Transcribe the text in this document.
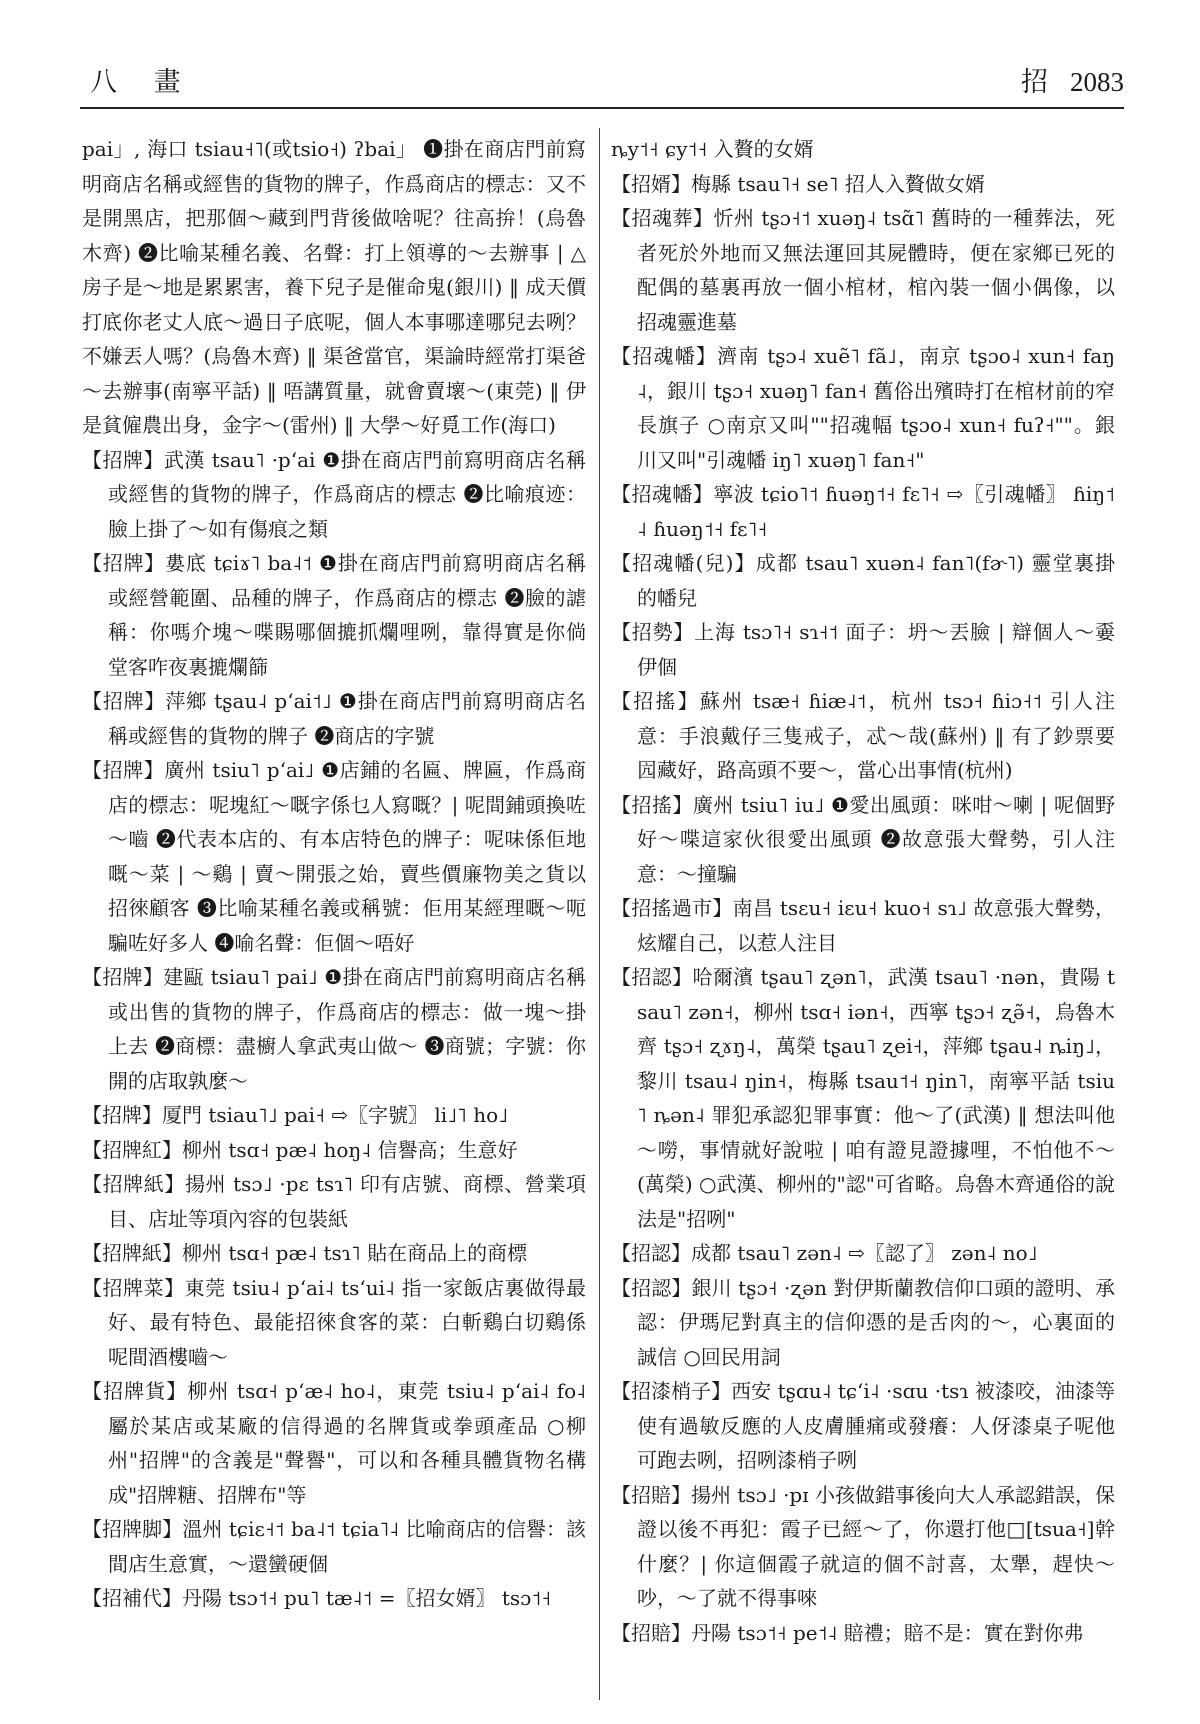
八 畫	招 2083

pai」, 海口 tsiau˧˥(或tsio˧) ʔbai」 ❶掛在商店門前寫明商店名稱或經售的貨物的牌子，作爲商店的標志：又不是開黑店，把那個～藏到門背後做啥呢？往高拚！(烏魯木齊) ❷比喻某種名義、名聲：打上領導的～去辦事 | △房子是～地是累累害，養下兒子是催命鬼(銀川) ‖ 成天價打底你老丈人底～過日子底呢，個人本事哪達哪兒去咧？不嫌丟人嗎？(烏魯木齊) ‖ 渠爸當官，渠論時經常打渠爸～去辦事(南寧平話) ‖ 唔講質量，就會賣壞～(東莞) ‖ 伊是貧僱農出身，金字～(雷州) ‖ 大學～好覓工作(海口)

【招牌】武漢 tsau˥ ·pʻai ❶掛在商店門前寫明商店名稱或經售的貨物的牌子，作爲商店的標志 ❷比喻痕迹：臉上掛了～如有傷痕之類

【招牌】婁底 tɕiɤ˥ ba˨˦ ❶掛在商店門前寫明商店名稱或經營範圍、品種的牌子，作爲商店的標志 ❷臉的謔稱：你嗎介塊～喋賜哪個摝抓爛哩咧，靠得實是你倘堂客咋夜裏摝爛篩

【招牌】萍鄉 tʂau˨ pʻai˦˩ ❶掛在商店門前寫明商店名稱或經售的貨物的牌子 ❷商店的字號

【招牌】廣州 tsiu˥ pʻai˩ ❶店鋪的名匾、牌匾，作爲商店的標志：呢塊紅～嘅字係乜人寫嘅？| 呢間鋪頭換咗～嚙 ❷代表本店的、有本店特色的牌子：呢味係佢地嘅～菜 | ～鷄 | 賣～開張之始，賣些價廉物美之貨以招徠顧客 ❸比喻某種名義或稱號：佢用某經理嘅～呃騙咗好多人 ❹喻名聲：佢個～唔好

【招牌】建甌 tsiau˥ pai˩ ❶掛在商店門前寫明商店名稱或出售的貨物的牌子，作爲商店的標志：做一塊～掛上去 ❷商標：盡櫥人拿武夷山做～ ❸商號；字號：你開的店取孰麼～

【招牌】厦門 tsiau˥˩ pai˧ ⇨〖字號〗 li˩˥ ho˩

【招牌紅】柳州 tsɑ˧ pæ˨ hoŋ˨ 信譽高；生意好

【招牌紙】揚州 tsɔ˩ ·pɛ tsɿ˥ 印有店號、商標、營業項目、店址等項內容的包裝紙

【招牌紙】柳州 tsɑ˧ pæ˨ tsɿ˥ 貼在商品上的商標

【招牌菜】東莞 tsiu˨ pʻai˨ tsʻui˨ 指一家飯店裏做得最好、最有特色、最能招徠食客的菜：白斬鷄白切鷄係呢間酒樓嚙～

【招牌貨】柳州 tsɑ˧ pʻæ˨ ho˨，東莞 tsiu˨ pʻai˨ fo˨ 屬於某店或某廠的信得過的名牌貨或拳頭產品 ○柳州"招牌"的含義是"聲譽"，可以和各種具體貨物名構成"招牌糖、招牌布"等

【招牌脚】溫州 tɕiɛ˧˦ ba˨˦ tɕia˥˨ 比喻商店的信譽：該間店生意實，～還蠻硬個

【招補代】丹陽 tsɔ˦˧ pu˥ tæ˨˦ =〖招女婿〗 tsɔ˦˧

ȵy˦˧ ɕy˦˧ 入贅的女婿

【招婿】梅縣 tsau˥˧ se˥ 招人入贅做女婿

【招魂葬】忻州 tʂɔ˧˦ xuəŋ˨ tsɑ̃˥ 舊時的一種葬法，死者死於外地而又無法運回其屍體時，便在家鄉已死的配偶的墓裏再放一個小棺材，棺內裝一個小偶像，以招魂靈進墓

【招魂幡】濟南 tʂɔ˨ xuẽ˥ fã˩，南京 tʂɔo˨ xun˧ faŋ˨，銀川 tʂɔ˧ xuəŋ˥ fan˧ 舊俗出殯時打在棺材前的窄長旗子 ○南京又叫""招魂幅 tʂɔo˨ xun˧ fuʔ˧""。銀川又叫"引魂幡 iŋ˥ xuəŋ˥ fan˧"

【招魂幡】寧波 tɕio˥˦ ɦuəŋ˦˧ fɛ˥˧ ⇨〖引魂幡〗 ɦiŋ˦˨ ɦuəŋ˦˧ fɛ˥˧

【招魂幡(兒)】成都 tsau˥ xuən˨ fan˥(fɚ˥) 靈堂裏掛的幡兒

【招勢】上海 tsɔ˥˧ sɿ˧˦ 面子：坍～丟臉 | 辯個人～嫑伊個

【招搖】蘇州 tsæ˧ ɦiæ˨˦，杭州 tsɔ˧ ɦiɔ˧˦ 引人注意：手浪戴仔三隻戒子，忒～哉(蘇州) ‖ 有了鈔票要囥藏好，路高頭不要～，當心出事情(杭州)

【招搖】廣州 tsiu˥ iu˩ ❶愛出風頭：咪咁～喇 | 呢個野好～喋這家伙很愛出風頭 ❷故意張大聲勢，引人注意：～撞騙

【招搖過市】南昌 tsɛu˧ iɛu˧ kuo˧ sɿ˩ 故意張大聲勢，炫耀自己，以惹人注目

【招認】哈爾濱 tʂau˥ ʐən˥，武漢 tsau˥ ·nən，貴陽 tsau˥ zən˧，柳州 tsɑ˧ iən˧，西寧 tʂɔ˧ ʐə̃˧，烏魯木齊 tʂɔ˧ ʐɤŋ˨，萬榮 tʂau˥ ʐei˧，萍鄉 tʂau˨ ȵiŋ˩，黎川 tsau˨ ŋin˧，梅縣 tsau˦˧ ŋin˥，南寧平話 tsiu˥ ȵən˨ 罪犯承認犯罪事實：他～了(武漢) ‖ 想法叫他～嘮，事情就好說啦 | 咱有證見證據哩，不怕他不～(萬榮) ○武漢、柳州的"認"可省略。烏魯木齊通俗的說法是"招咧"

【招認】成都 tsau˥ zən˨ ⇨〖認了〗 zən˨ no˩

【招認】銀川 tʂɔ˧ ·ʐən 對伊斯蘭教信仰口頭的證明、承認：伊瑪尼對真主的信仰憑的是舌肉的～，心裏面的誠信 ○回民用詞

【招漆梢子】西安 tʂɑu˨ tɕʻi˨ ·sɑu ·tsɿ 被漆咬，油漆等使有過敏反應的人皮膚腫痛或發癢：人伢漆桌子呢他可跑去咧，招咧漆梢子咧

【招賠】揚州 tsɔ˩ ·pɪ 小孩做錯事後向大人承認錯誤，保證以後不再犯：霞子已經～了，你還打他□[tsua˧]幹什麼？| 你這個霞子就這的個不討喜，太犟，趕快～吵，～了就不得事唻

【招賠】丹陽 tsɔ˦˧ pe˦˨ 賠禮；賠不是：實在對你弗
